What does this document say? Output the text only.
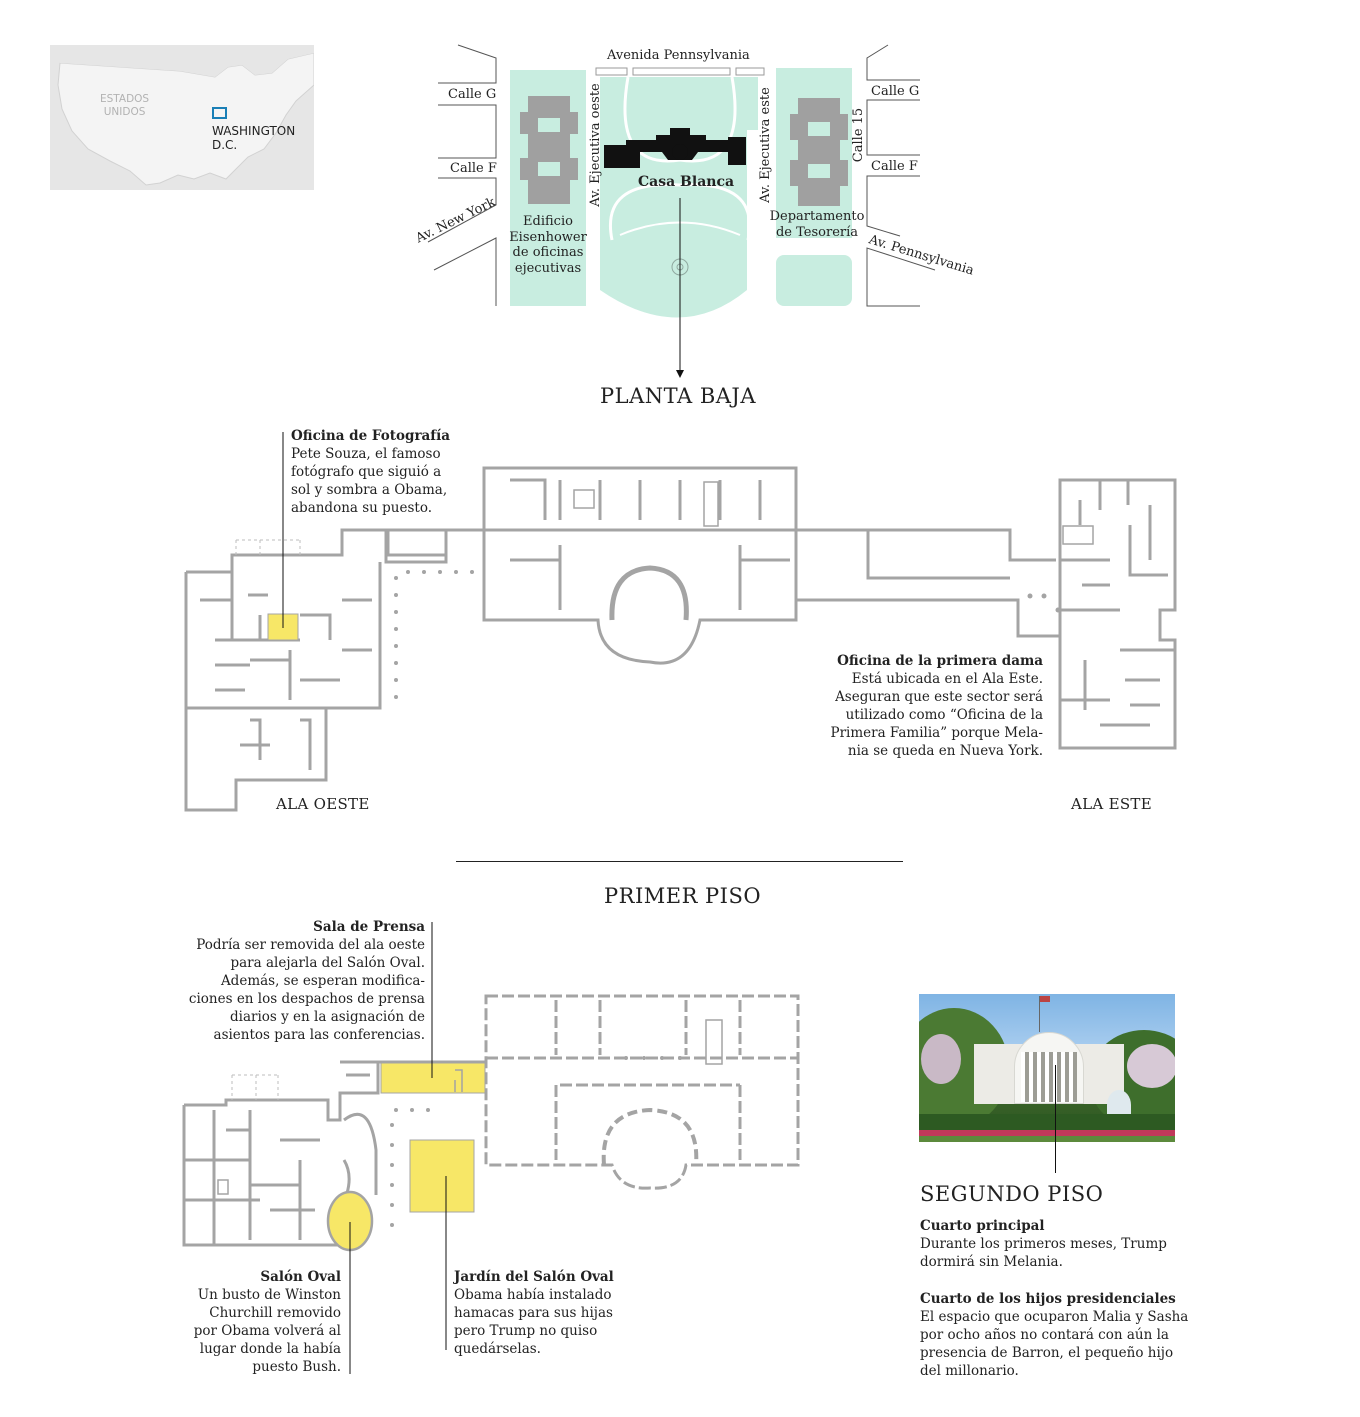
ESTADOS
UNIDOS
WASHINGTON
D.C.
Avenida Pennsylvania
Calle G
Calle F
Calle G
Calle F
Calle 15
Av. New York
Av. Pennsylvania
Av. Ejecutiva oeste	Av. Ejecutiva este
Casa Blanca
Edificio
Eisenhower
de oficinas
ejecutivas
Departamento
de Tesorería
PLANTA BAJA
Oficina de Fotografía
Pete Souza, el famoso
fotógrafo que siguió a
sol y sombra a Obama,
abandona su puesto.
Oficina de la primera dama
Está ubicada en el Ala Este.
Aseguran que este sector será
utilizado como “Oficina de la
Primera Familia” porque Mela-
nia se queda en Nueva York.
ALA OESTE	ALA ESTE
PRIMER PISO
Sala de Prensa
Podría ser removida del ala oeste
para alejarla del Salón Oval.
Además, se esperan modifica-
ciones en los despachos de prensa
diarios y en la asignación de
asientos para las conferencias.
Salón Oval
Un busto de Winston
Churchill removido
por Obama volverá al
lugar donde la había
puesto Bush.
Jardín del Salón Oval
Obama había instalado
hamacas para sus hijas
pero Trump no quiso
quedárselas.
SEGUNDO PISO
Cuarto principal
Durante los primeros meses, Trump
dormirá sin Melania.
Cuarto de los hijos presidenciales
El espacio que ocuparon Malia y Sasha
por ocho años no contará con aún la
presencia de Barron, el pequeño hijo
del millonario.
